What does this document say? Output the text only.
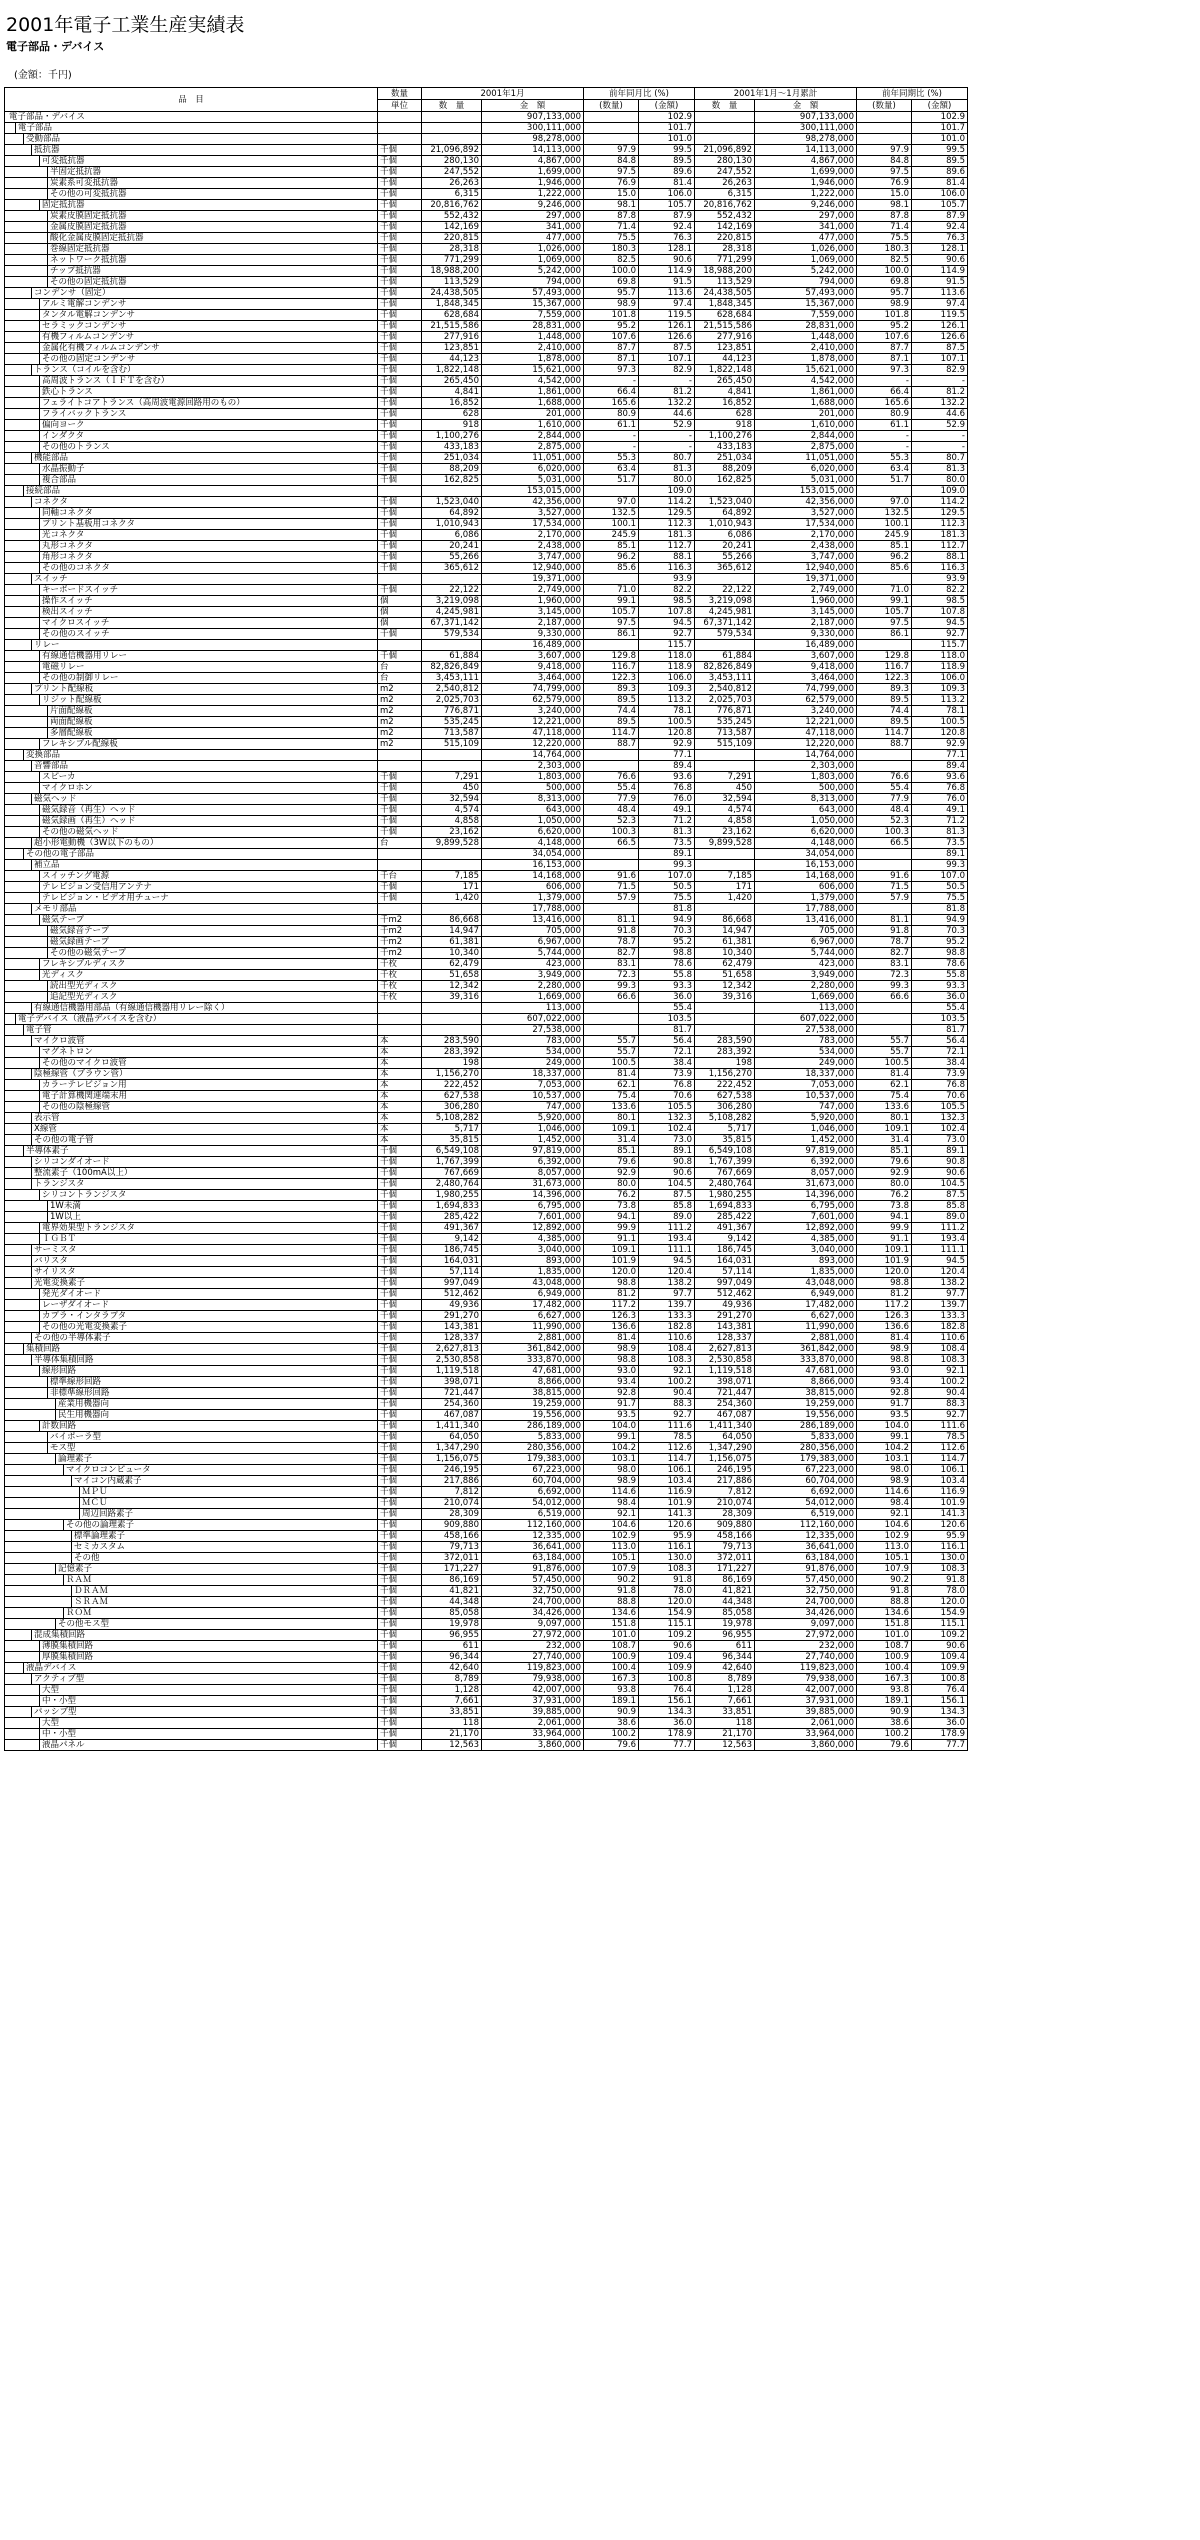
2001年電子工業生産実績表
電子部品・デバイス
(金額：千円)
品　目	数量	2001年1月		前年同月比 (%)		2001年1月〜1月累計		前年同期比 (%)	
	単位	数　量	金　額	(数量)	(金額)	数　量	金　額	(数量)	(金額)
電子部品・デバイス			907,133,000		102.9		907,133,000		102.9
電子部品			300,111,000		101.7		300,111,000		101.7
受動部品			98,278,000		101.0		98,278,000		101.0
抵抗器	千個	21,096,892	14,113,000	97.9	99.5	21,096,892	14,113,000	97.9	99.5
可変抵抗器	千個	280,130	4,867,000	84.8	89.5	280,130	4,867,000	84.8	89.5
半固定抵抗器	千個	247,552	1,699,000	97.5	89.6	247,552	1,699,000	97.5	89.6
炭素系可変抵抗器	千個	26,263	1,946,000	76.9	81.4	26,263	1,946,000	76.9	81.4
その他の可変抵抗器	千個	6,315	1,222,000	15.0	106.0	6,315	1,222,000	15.0	106.0
固定抵抗器	千個	20,816,762	9,246,000	98.1	105.7	20,816,762	9,246,000	98.1	105.7
炭素皮膜固定抵抗器	千個	552,432	297,000	87.8	87.9	552,432	297,000	87.8	87.9
金属皮膜固定抵抗器	千個	142,169	341,000	71.4	92.4	142,169	341,000	71.4	92.4
酸化金属皮膜固定抵抗器	千個	220,815	477,000	75.5	76.3	220,815	477,000	75.5	76.3
巻線固定抵抗器	千個	28,318	1,026,000	180.3	128.1	28,318	1,026,000	180.3	128.1
ネットワーク抵抗器	千個	771,299	1,069,000	82.5	90.6	771,299	1,069,000	82.5	90.6
チップ抵抗器	千個	18,988,200	5,242,000	100.0	114.9	18,988,200	5,242,000	100.0	114.9
その他の固定抵抗器	千個	113,529	794,000	69.8	91.5	113,529	794,000	69.8	91.5
コンデンサ（固定）	千個	24,438,505	57,493,000	95.7	113.6	24,438,505	57,493,000	95.7	113.6
アルミ電解コンデンサ	千個	1,848,345	15,367,000	98.9	97.4	1,848,345	15,367,000	98.9	97.4
タンタル電解コンデンサ	千個	628,684	7,559,000	101.8	119.5	628,684	7,559,000	101.8	119.5
セラミックコンデンサ	千個	21,515,586	28,831,000	95.2	126.1	21,515,586	28,831,000	95.2	126.1
有機フィルムコンデンサ	千個	277,916	1,448,000	107.6	126.6	277,916	1,448,000	107.6	126.6
金属化有機フィルムコンデンサ	千個	123,851	2,410,000	87.7	87.5	123,851	2,410,000	87.7	87.5
その他の固定コンデンサ	千個	44,123	1,878,000	87.1	107.1	44,123	1,878,000	87.1	107.1
トランス（コイルを含む）	千個	1,822,148	15,621,000	97.3	82.9	1,822,148	15,621,000	97.3	82.9
高周波トランス（ＩＦＴを含む）	千個	265,450	4,542,000	-	-	265,450	4,542,000	-	-
鉄心トランス	千個	4,841	1,861,000	66.4	81.2	4,841	1,861,000	66.4	81.2
フェライトコアトランス（高周波電源回路用のもの）	千個	16,852	1,688,000	165.6	132.2	16,852	1,688,000	165.6	132.2
フライバックトランス	千個	628	201,000	80.9	44.6	628	201,000	80.9	44.6
偏向ヨーク	千個	918	1,610,000	61.1	52.9	918	1,610,000	61.1	52.9
インダクタ	千個	1,100,276	2,844,000	-	-	1,100,276	2,844,000	-	-
その他のトランス	千個	433,183	2,875,000	-	-	433,183	2,875,000	-	-
機能部品	千個	251,034	11,051,000	55.3	80.7	251,034	11,051,000	55.3	80.7
水晶振動子	千個	88,209	6,020,000	63.4	81.3	88,209	6,020,000	63.4	81.3
複合部品	千個	162,825	5,031,000	51.7	80.0	162,825	5,031,000	51.7	80.0
接続部品			153,015,000		109.0		153,015,000		109.0
コネクタ	千個	1,523,040	42,356,000	97.0	114.2	1,523,040	42,356,000	97.0	114.2
同軸コネクタ	千個	64,892	3,527,000	132.5	129.5	64,892	3,527,000	132.5	129.5
プリント基板用コネクタ	千個	1,010,943	17,534,000	100.1	112.3	1,010,943	17,534,000	100.1	112.3
光コネクタ	千個	6,086	2,170,000	245.9	181.3	6,086	2,170,000	245.9	181.3
丸形コネクタ	千個	20,241	2,438,000	85.1	112.7	20,241	2,438,000	85.1	112.7
角形コネクタ	千個	55,266	3,747,000	96.2	88.1	55,266	3,747,000	96.2	88.1
その他のコネクタ	千個	365,612	12,940,000	85.6	116.3	365,612	12,940,000	85.6	116.3
スイッチ			19,371,000		93.9		19,371,000		93.9
キーボードスイッチ	千個	22,122	2,749,000	71.0	82.2	22,122	2,749,000	71.0	82.2
操作スイッチ	個	3,219,098	1,960,000	99.1	98.5	3,219,098	1,960,000	99.1	98.5
検出スイッチ	個	4,245,981	3,145,000	105.7	107.8	4,245,981	3,145,000	105.7	107.8
マイクロスイッチ	個	67,371,142	2,187,000	97.5	94.5	67,371,142	2,187,000	97.5	94.5
その他のスイッチ	千個	579,534	9,330,000	86.1	92.7	579,534	9,330,000	86.1	92.7
リレー			16,489,000		115.7		16,489,000		115.7
有線通信機器用リレー	千個	61,884	3,607,000	129.8	118.0	61,884	3,607,000	129.8	118.0
電磁リレー	台	82,826,849	9,418,000	116.7	118.9	82,826,849	9,418,000	116.7	118.9
その他の制御リレー	台	3,453,111	3,464,000	122.3	106.0	3,453,111	3,464,000	122.3	106.0
プリント配線板	m2	2,540,812	74,799,000	89.3	109.3	2,540,812	74,799,000	89.3	109.3
リジット配線板	m2	2,025,703	62,579,000	89.5	113.2	2,025,703	62,579,000	89.5	113.2
片面配線板	m2	776,871	3,240,000	74.4	78.1	776,871	3,240,000	74.4	78.1
両面配線板	m2	535,245	12,221,000	89.5	100.5	535,245	12,221,000	89.5	100.5
多層配線板	m2	713,587	47,118,000	114.7	120.8	713,587	47,118,000	114.7	120.8
フレキシブル配線板	m2	515,109	12,220,000	88.7	92.9	515,109	12,220,000	88.7	92.9
変換部品			14,764,000		77.1		14,764,000		77.1
音響部品			2,303,000		89.4		2,303,000		89.4
スピーカ	千個	7,291	1,803,000	76.6	93.6	7,291	1,803,000	76.6	93.6
マイクロホン	千個	450	500,000	55.4	76.8	450	500,000	55.4	76.8
磁気ヘッド	千個	32,594	8,313,000	77.9	76.0	32,594	8,313,000	77.9	76.0
磁気録音（再生）ヘッド	千個	4,574	643,000	48.4	49.1	4,574	643,000	48.4	49.1
磁気録画（再生）ヘッド	千個	4,858	1,050,000	52.3	71.2	4,858	1,050,000	52.3	71.2
その他の磁気ヘッド	千個	23,162	6,620,000	100.3	81.3	23,162	6,620,000	100.3	81.3
超小形電動機（3W以下のもの）	台	9,899,528	4,148,000	66.5	73.5	9,899,528	4,148,000	66.5	73.5
その他の電子部品			34,054,000		89.1		34,054,000		89.1
補立品			16,153,000		99.3		16,153,000		99.3
スイッチング電源	千台	7,185	14,168,000	91.6	107.0	7,185	14,168,000	91.6	107.0
テレビジョン受信用アンテナ	千個	171	606,000	71.5	50.5	171	606,000	71.5	50.5
テレビジョン・ビデオ用チューナ	千個	1,420	1,379,000	57.9	75.5	1,420	1,379,000	57.9	75.5
メモリ部品			17,788,000		81.8		17,788,000		81.8
磁気テープ	千m2	86,668	13,416,000	81.1	94.9	86,668	13,416,000	81.1	94.9
磁気録音テープ	千m2	14,947	705,000	91.8	70.3	14,947	705,000	91.8	70.3
磁気録画テープ	千m2	61,381	6,967,000	78.7	95.2	61,381	6,967,000	78.7	95.2
その他の磁気テープ	千m2	10,340	5,744,000	82.7	98.8	10,340	5,744,000	82.7	98.8
フレキシブルディスク	千枚	62,479	423,000	83.1	78.6	62,479	423,000	83.1	78.6
光ディスク	千枚	51,658	3,949,000	72.3	55.8	51,658	3,949,000	72.3	55.8
読出型光ディスク	千枚	12,342	2,280,000	99.3	93.3	12,342	2,280,000	99.3	93.3
追記型光ディスク	千枚	39,316	1,669,000	66.6	36.0	39,316	1,669,000	66.6	36.0
有線通信機器用部品（有線通信機器用リレー除く）			113,000		55.4		113,000		55.4
電子デバイス（液晶デバイスを含む）			607,022,000		103.5		607,022,000		103.5
電子管			27,538,000		81.7		27,538,000		81.7
マイクロ波管	本	283,590	783,000	55.7	56.4	283,590	783,000	55.7	56.4
マグネトロン	本	283,392	534,000	55.7	72.1	283,392	534,000	55.7	72.1
その他のマイクロ波管	本	198	249,000	100.5	38.4	198	249,000	100.5	38.4
陰極線管（ブラウン管）	本	1,156,270	18,337,000	81.4	73.9	1,156,270	18,337,000	81.4	73.9
カラーテレビジョン用	本	222,452	7,053,000	62.1	76.8	222,452	7,053,000	62.1	76.8
電子計算機関連端末用	本	627,538	10,537,000	75.4	70.6	627,538	10,537,000	75.4	70.6
その他の陰極線管	本	306,280	747,000	133.6	105.5	306,280	747,000	133.6	105.5
表示管	本	5,108,282	5,920,000	80.1	132.3	5,108,282	5,920,000	80.1	132.3
X線管	本	5,717	1,046,000	109.1	102.4	5,717	1,046,000	109.1	102.4
その他の電子管	本	35,815	1,452,000	31.4	73.0	35,815	1,452,000	31.4	73.0
半導体素子	千個	6,549,108	97,819,000	85.1	89.1	6,549,108	97,819,000	85.1	89.1
シリコンダイオード	千個	1,767,399	6,392,000	79.6	90.8	1,767,399	6,392,000	79.6	90.8
整流素子（100mA以上）	千個	767,669	8,057,000	92.9	90.6	767,669	8,057,000	92.9	90.6
トランジスタ	千個	2,480,764	31,673,000	80.0	104.5	2,480,764	31,673,000	80.0	104.5
シリコントランジスタ	千個	1,980,255	14,396,000	76.2	87.5	1,980,255	14,396,000	76.2	87.5
1W未満	千個	1,694,833	6,795,000	73.8	85.8	1,694,833	6,795,000	73.8	85.8
1W以上	千個	285,422	7,601,000	94.1	89.0	285,422	7,601,000	94.1	89.0
電界効果型トランジスタ	千個	491,367	12,892,000	99.9	111.2	491,367	12,892,000	99.9	111.2
ＩＧＢＴ	千個	9,142	4,385,000	91.1	193.4	9,142	4,385,000	91.1	193.4
サーミスタ	千個	186,745	3,040,000	109.1	111.1	186,745	3,040,000	109.1	111.1
バリスタ	千個	164,031	893,000	101.9	94.5	164,031	893,000	101.9	94.5
サイリスタ	千個	57,114	1,835,000	120.0	120.4	57,114	1,835,000	120.0	120.4
光電変換素子	千個	997,049	43,048,000	98.8	138.2	997,049	43,048,000	98.8	138.2
発光ダイオード	千個	512,462	6,949,000	81.2	97.7	512,462	6,949,000	81.2	97.7
レーザダイオード	千個	49,936	17,482,000	117.2	139.7	49,936	17,482,000	117.2	139.7
カプラ・インタラプタ	千個	291,270	6,627,000	126.3	133.3	291,270	6,627,000	126.3	133.3
その他の光電変換素子	千個	143,381	11,990,000	136.6	182.8	143,381	11,990,000	136.6	182.8
その他の半導体素子	千個	128,337	2,881,000	81.4	110.6	128,337	2,881,000	81.4	110.6
集積回路	千個	2,627,813	361,842,000	98.9	108.4	2,627,813	361,842,000	98.9	108.4
半導体集積回路	千個	2,530,858	333,870,000	98.8	108.3	2,530,858	333,870,000	98.8	108.3
線形回路	千個	1,119,518	47,681,000	93.0	92.1	1,119,518	47,681,000	93.0	92.1
標準線形回路	千個	398,071	8,866,000	93.4	100.2	398,071	8,866,000	93.4	100.2
非標準線形回路	千個	721,447	38,815,000	92.8	90.4	721,447	38,815,000	92.8	90.4
産業用機器向	千個	254,360	19,259,000	91.7	88.3	254,360	19,259,000	91.7	88.3
民生用機器向	千個	467,087	19,556,000	93.5	92.7	467,087	19,556,000	93.5	92.7
計数回路	千個	1,411,340	286,189,000	104.0	111.6	1,411,340	286,189,000	104.0	111.6
バイポーラ型	千個	64,050	5,833,000	99.1	78.5	64,050	5,833,000	99.1	78.5
モス型	千個	1,347,290	280,356,000	104.2	112.6	1,347,290	280,356,000	104.2	112.6
論理素子	千個	1,156,075	179,383,000	103.1	114.7	1,156,075	179,383,000	103.1	114.7
マイクロコンピュータ	千個	246,195	67,223,000	98.0	106.1	246,195	67,223,000	98.0	106.1
マイコン内蔵素子	千個	217,886	60,704,000	98.9	103.4	217,886	60,704,000	98.9	103.4
ＭＰＵ	千個	7,812	6,692,000	114.6	116.9	7,812	6,692,000	114.6	116.9
ＭＣＵ	千個	210,074	54,012,000	98.4	101.9	210,074	54,012,000	98.4	101.9
周辺回路素子	千個	28,309	6,519,000	92.1	141.3	28,309	6,519,000	92.1	141.3
その他の論理素子	千個	909,880	112,160,000	104.6	120.6	909,880	112,160,000	104.6	120.6
標準論理素子	千個	458,166	12,335,000	102.9	95.9	458,166	12,335,000	102.9	95.9
セミカスタム	千個	79,713	36,641,000	113.0	116.1	79,713	36,641,000	113.0	116.1
その他	千個	372,011	63,184,000	105.1	130.0	372,011	63,184,000	105.1	130.0
記憶素子	千個	171,227	91,876,000	107.9	108.3	171,227	91,876,000	107.9	108.3
ＲＡＭ	千個	86,169	57,450,000	90.2	91.8	86,169	57,450,000	90.2	91.8
ＤＲＡＭ	千個	41,821	32,750,000	91.8	78.0	41,821	32,750,000	91.8	78.0
ＳＲＡＭ	千個	44,348	24,700,000	88.8	120.0	44,348	24,700,000	88.8	120.0
ＲＯＭ	千個	85,058	34,426,000	134.6	154.9	85,058	34,426,000	134.6	154.9
その他モス型	千個	19,978	9,097,000	151.8	115.1	19,978	9,097,000	151.8	115.1
混成集積回路	千個	96,955	27,972,000	101.0	109.2	96,955	27,972,000	101.0	109.2
薄膜集積回路	千個	611	232,000	108.7	90.6	611	232,000	108.7	90.6
厚膜集積回路	千個	96,344	27,740,000	100.9	109.4	96,344	27,740,000	100.9	109.4
液晶デバイス	千個	42,640	119,823,000	100.4	109.9	42,640	119,823,000	100.4	109.9
アクティブ型	千個	8,789	79,938,000	167.3	100.8	8,789	79,938,000	167.3	100.8
大型	千個	1,128	42,007,000	93.8	76.4	1,128	42,007,000	93.8	76.4
中・小型	千個	7,661	37,931,000	189.1	156.1	7,661	37,931,000	189.1	156.1
パッシブ型	千個	33,851	39,885,000	90.9	134.3	33,851	39,885,000	90.9	134.3
大型	千個	118	2,061,000	38.6	36.0	118	2,061,000	38.6	36.0
中・小型	千個	21,170	33,964,000	100.2	178.9	21,170	33,964,000	100.2	178.9
液晶パネル	千個	12,563	3,860,000	79.6	77.7	12,563	3,860,000	79.6	77.7
